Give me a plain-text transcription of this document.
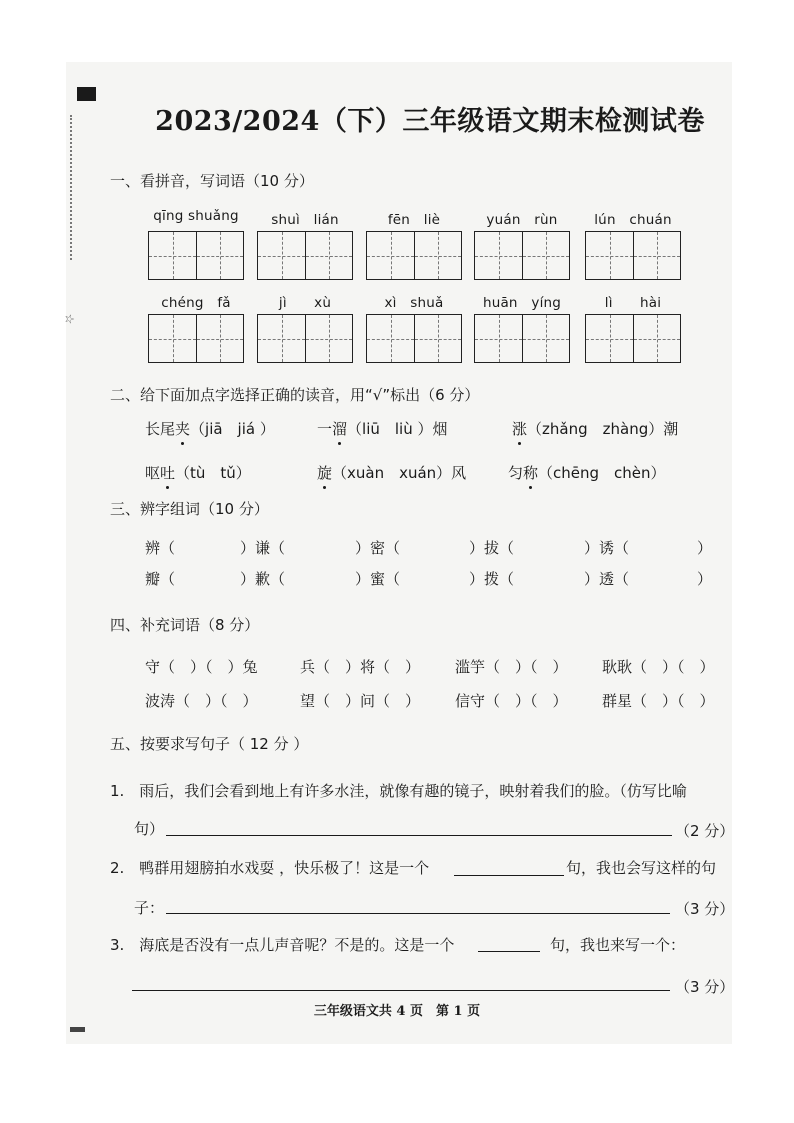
☆
2023/2024（下）三年级语文期末检测试卷
一、看拼音，写词语（10 分）
qīng shuǎng	shuì　lián	fēn　liè	yuán　rùn	lún　chuán
chéng　fǎ	jì　　xù	xì　shuǎ	huān　yíng	lì　　hài
二、给下面加点字选择正确的读音，用“√”标出（6 分）
长尾夹（jiā　jiá ）	一溜（liū　liù ）烟	涨（zhǎng　zhàng）潮
呕吐（tù　tǔ）	旋（xuàn　xuán）风	匀称（chēng　chèn）
三、辨字组词（10 分）
辨（	）谦（	）密（	）拔（	）诱（	）
瓣（	）歉（	）蜜（	）拨（	）透（	）
四、补充词语（8 分）
守（　）（　）兔	兵（　）将（　） 滥竽（　）（　） 耿耿（　）（　）
波涛（　）（　）	望（　）问（　） 信守（　）（　） 群星（　）（　）
五、按要求写句子（ 12 分 ）
1.　雨后，我们会看到地上有许多水洼，就像有趣的镜子，映射着我们的脸。（仿写比喻
句）	（2 分）
2.　鸭群用翅膀拍水戏耍 ，快乐极了！这是一个	句，我也会写这样的句
子：	（3 分）
3.　海底是否没有一点儿声音呢？不是的。这是一个	句，我也来写一个：
（3 分）
三年级语文共 4 页　第 1 页
